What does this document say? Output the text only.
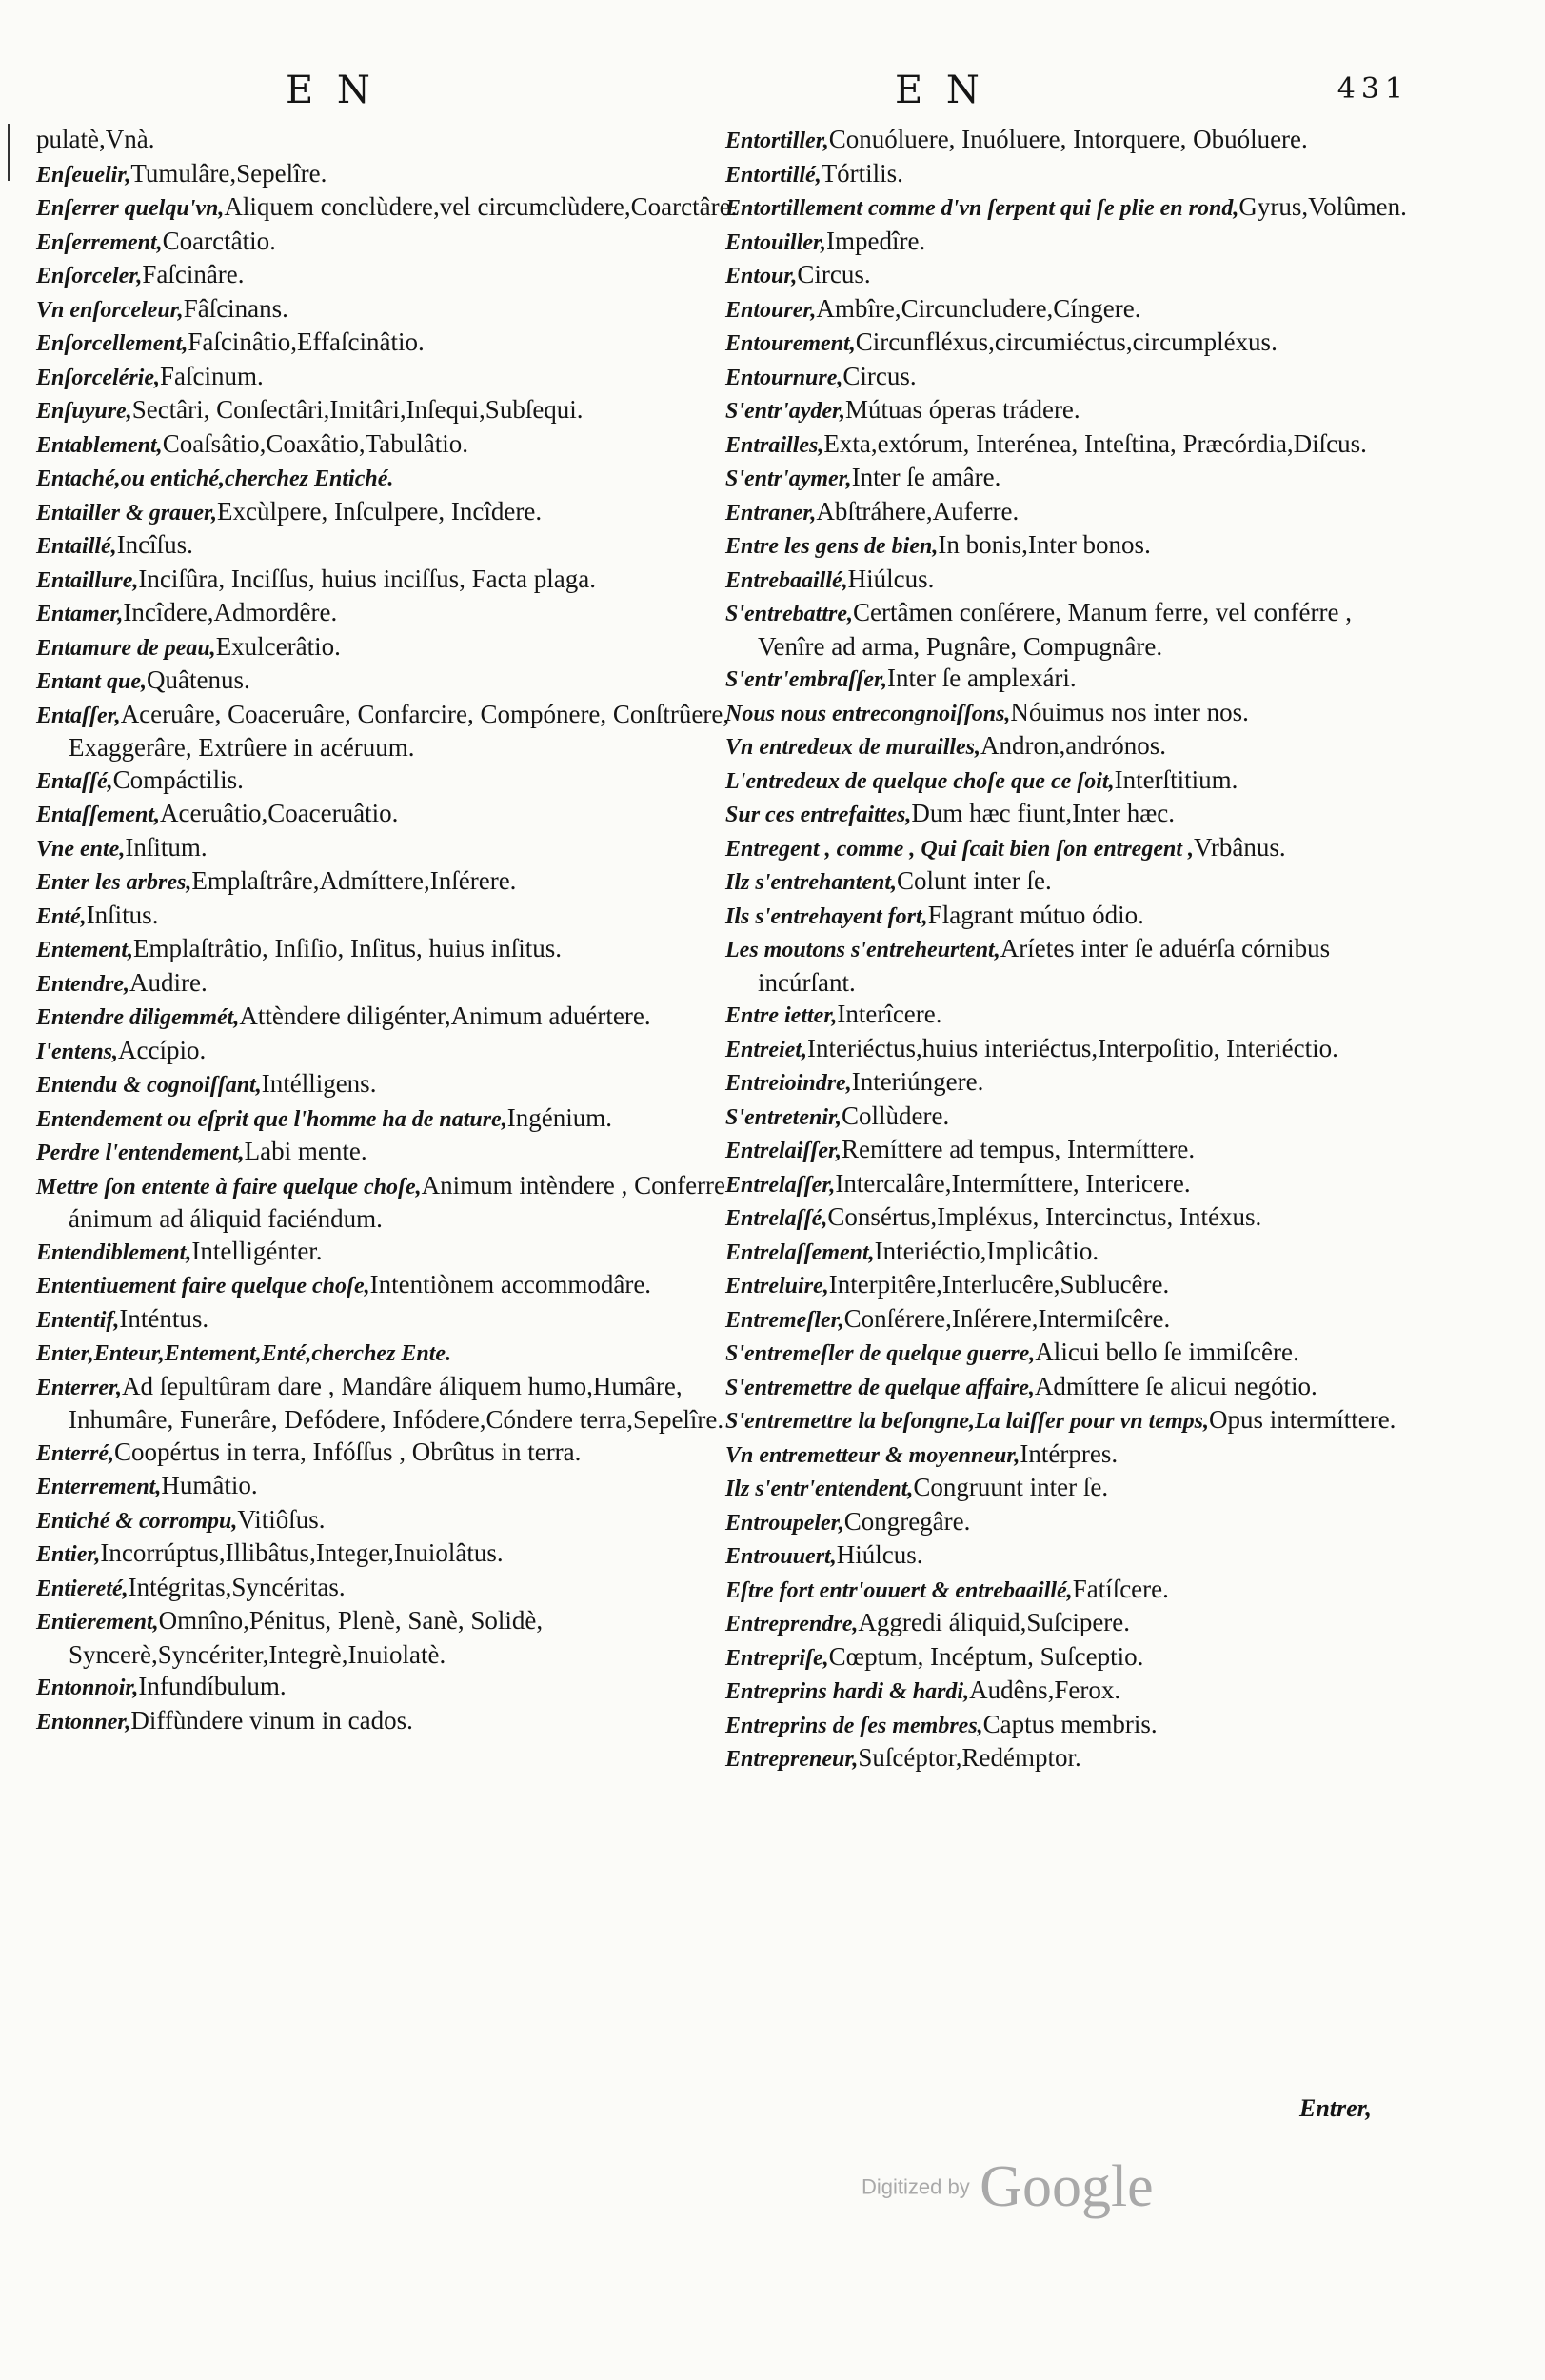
E N	E N	431
pulatè,Vnà.
Enſeuelir,Tumulâre,Sepelîre.
Enſerrer quelqu'vn,Aliquem conclùdere,vel circumclùdere,Coarctâre.
Enſerrement,Coarctâtio.
Enſorceler,Faſcinâre.
Vn enſorceleur,Fâſcinans.
Enſorcellement,Faſcinâtio,Effaſcinâtio.
Enſorcelérie,Faſcinum.
Enſuyure,Sectâri, Conſectâri,Imitâri,Inſequi,Subſequi.
Entablement,Coaſsâtio,Coaxâtio,Tabulâtio.
Entaché,ou entiché,cherchez Entiché.
Entailler & grauer,Excùlpere, Inſculpere, Incîdere.
Entaillé,Incîſus.
Entaillure,Inciſûra, Inciſſus, huius inciſſus, Facta plaga.
Entamer,Incîdere,Admordêre.
Entamure de peau,Exulcerâtio.
Entant que,Quâtenus.
Entaſſer,Aceruâre, Coaceruâre, Confarcire, Compónere, Conſtrûere, Exaggerâre, Extrûere in acéruum.
Entaſſé,Compáctilis.
Entaſſement,Aceruâtio,Coaceruâtio.
Vne ente,Inſitum.
Enter les arbres,Emplaſtrâre,Admíttere,Inſérere.
Enté,Inſitus.
Entement,Emplaſtrâtio, Inſiſio, Inſitus, huius inſitus.
Entendre,Audire.
Entendre diligemmét,Attèndere diligénter,Animum aduértere.
I'entens,Accípio.
Entendu & cognoiſſant,Intélligens.
Entendement ou eſprit que l'homme ha de nature,Ingénium.
Perdre l'entendement,Labi mente.
Mettre ſon entente à faire quelque choſe,Animum intèndere , Conferre ánimum ad áliquid faciéndum.
Entendiblement,Intelligénter.
Ententiuement faire quelque choſe,Intentiònem accommodâre.
Ententif,Inténtus.
Enter,Enteur,Entement,Enté,cherchez Ente.
Enterrer,Ad ſepultûram dare , Mandâre áliquem humo,Humâre, Inhumâre, Funerâre, Defódere, Infódere,Cóndere terra,Sepelîre.
Enterré,Coopértus in terra, Infóſſus , Obrûtus in terra.
Enterrement,Humâtio.
Entiché & corrompu,Vitiôſus.
Entier,Incorrúptus,Illibâtus,Integer,Inuiolâtus.
Entiereté,Intégritas,Syncéritas.
Entierement,Omnîno,Pénitus, Plenè, Sanè, Solidè, Syncerè,Syncériter,Integrè,Inuiolatè.
Entonnoir,Infundíbulum.
Entonner,Diffùndere vinum in cados.
Entortiller,Conuóluere, Inuóluere, Intorquere, Obuóluere.
Entortillé,Tórtilis.
Entortillement comme d'vn ſerpent qui ſe plie en rond,Gyrus,Volûmen.
Entouiller,Impedîre.
Entour,Circus.
Entourer,Ambîre,Circuncludere,Cíngere.
Entourement,Circunfléxus,circumiéctus,circumpléxus.
Entournure,Circus.
S'entr'ayder,Mútuas óperas trádere.
Entrailles,Exta,extórum, Interénea, Inteſtina, Præcórdia,Diſcus.
S'entr'aymer,Inter ſe amâre.
Entraner,Abſtráhere,Auferre.
Entre les gens de bien,In bonis,Inter bonos.
Entrebaaillé,Hiúlcus.
S'entrebattre,Certâmen conſérere, Manum ferre, vel conférre , Venîre ad arma, Pugnâre, Compugnâre.
S'entr'embraſſer,Inter ſe amplexári.
Nous nous entrecongnoiſſons,Nóuimus nos inter nos.
Vn entredeux de murailles,Andron,andrónos.
L'entredeux de quelque choſe que ce ſoit,Interſtitium.
Sur ces entrefaittes,Dum hæc fiunt,Inter hæc.
Entregent , comme , Qui ſcait bien ſon entregent ,Vrbânus.
Ilz s'entrehantent,Colunt inter ſe.
Ils s'entrehayent fort,Flagrant mútuo ódio.
Les moutons s'entreheurtent,Aríetes inter ſe aduérſa córnibus incúrſant.
Entre ietter,Interîcere.
Entreiet,Interiéctus,huius interiéctus,Interpoſitio, Interiéctio.
Entreioindre,Interiúngere.
S'entretenir,Collùdere.
Entrelaiſſer,Remíttere ad tempus, Intermíttere.
Entrelaſſer,Intercalâre,Intermíttere, Intericere.
Entrelaſſé,Consértus,Impléxus, Intercinctus, Intéxus.
Entrelaſſement,Interiéctio,Implicâtio.
Entreluire,Interpitêre,Interlucêre,Sublucêre.
Entremeſler,Conſérere,Inſérere,Intermiſcêre.
S'entremeſler de quelque guerre,Alicui bello ſe immiſcêre.
S'entremettre de quelque affaire,Admíttere ſe alicui negótio.
S'entremettre la beſongne,La laiſſer pour vn temps,Opus intermíttere.
Vn entremetteur & moyenneur,Intérpres.
Ilz s'entr'entendent,Congruunt inter ſe.
Entroupeler,Congregâre.
Entrouuert,Hiúlcus.
Eſtre fort entr'ouuert & entrebaaillé,Fatíſcere.
Entreprendre,Aggredi áliquid,Suſcipere.
Entrepriſe,Cœptum, Incéptum, Suſceptio.
Entreprins hardi & hardi,Audêns,Ferox.
Entreprins de ſes membres,Captus membris.
Entrepreneur,Suſcéptor,Redémptor.
Entrer,
Digitized by Google
